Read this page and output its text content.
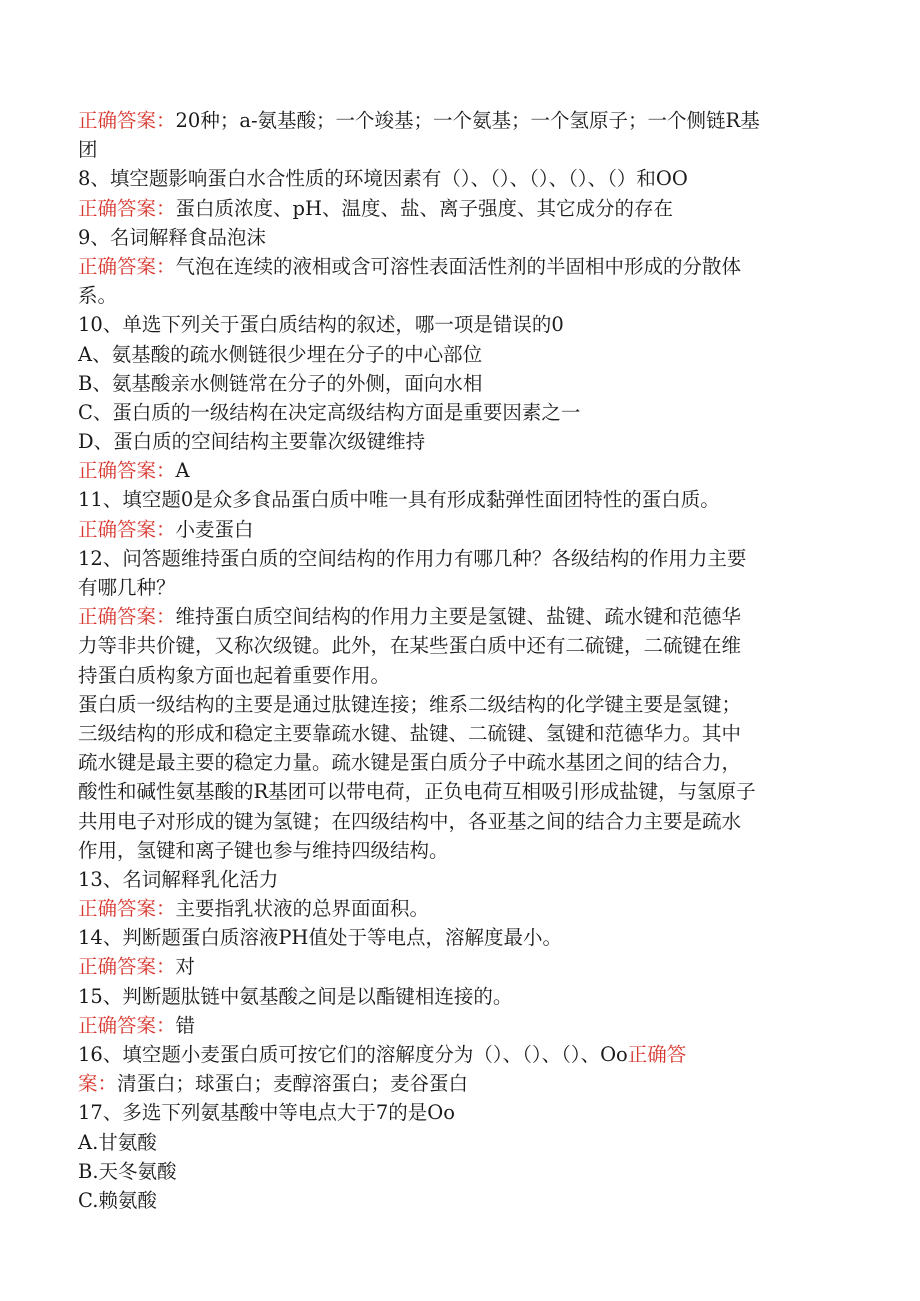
正确答案：20种；a-氨基酸；一个竣基；一个氨基；一个氢原子；一个侧链R基
团
8、填空题影响蛋白水合性质的环境因素有（）、（）、（）、（）、（）和OO
正确答案：蛋白质浓度、pH、温度、盐、离子强度、其它成分的存在
9、名词解释食品泡沫
正确答案：气泡在连续的液相或含可溶性表面活性剂的半固相中形成的分散体
系。
10、单选下列关于蛋白质结构的叙述，哪一项是错误的0
A、氨基酸的疏水侧链很少埋在分子的中心部位
B、氨基酸亲水侧链常在分子的外侧，面向水相
C、蛋白质的一级结构在决定高级结构方面是重要因素之一
D、蛋白质的空间结构主要靠次级键维持
正确答案：A
11、填空题0是众多食品蛋白质中唯一具有形成黏弹性面团特性的蛋白质。
正确答案：小麦蛋白
12、问答题维持蛋白质的空间结构的作用力有哪几种？各级结构的作用力主要
有哪几种？
正确答案：维持蛋白质空间结构的作用力主要是氢键、盐键、疏水键和范德华
力等非共价键，又称次级键。此外，在某些蛋白质中还有二硫键，二硫键在维
持蛋白质构象方面也起着重要作用。
蛋白质一级结构的主要是通过肽键连接；维系二级结构的化学键主要是氢键；
三级结构的形成和稳定主要靠疏水键、盐键、二硫键、氢键和范德华力。其中
疏水键是最主要的稳定力量。疏水键是蛋白质分子中疏水基团之间的结合力，
酸性和碱性氨基酸的R基团可以带电荷，正负电荷互相吸引形成盐键，与氢原子
共用电子对形成的键为氢键；在四级结构中，各亚基之间的结合力主要是疏水
作用，氢键和离子键也参与维持四级结构。
13、名词解释乳化活力
正确答案：主要指乳状液的总界面面积。
14、判断题蛋白质溶液PH值处于等电点，溶解度最小。
正确答案：对
15、判断题肽链中氨基酸之间是以酯键相连接的。
正确答案：错
16、填空题小麦蛋白质可按它们的溶解度分为（）、（）、（）、Oo正确答
案：清蛋白；球蛋白；麦醇溶蛋白；麦谷蛋白
17、多选下列氨基酸中等电点大于7的是Oo
A.甘氨酸
B.天冬氨酸
C.赖氨酸
